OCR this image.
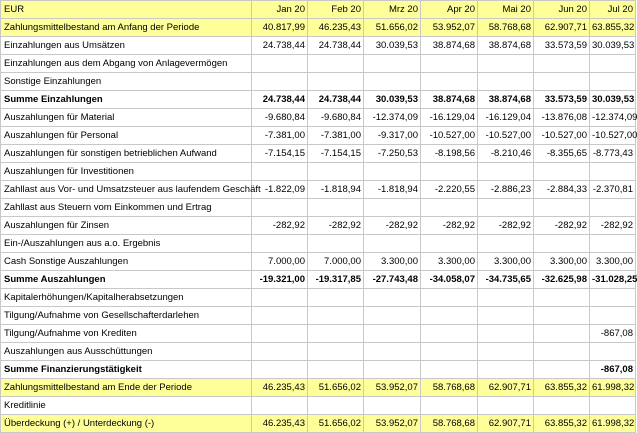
EUR	Jan 20	Feb 20	Mrz 20	Apr 20	Mai 20	Jun 20	Jul 20
Zahlungsmittelbestand am Anfang der Periode	40.817,99	46.235,43	51.656,02	53.952,07	58.768,68	62.907,71	63.855,32
Einzahlungen aus Umsätzen	24.738,44	24.738,44	30.039,53	38.874,68	38.874,68	33.573,59	30.039,53
Einzahlungen aus dem Abgang von Anlagevermögen							
Sonstige Einzahlungen							
Summe Einzahlungen	24.738,44	24.738,44	30.039,53	38.874,68	38.874,68	33.573,59	30.039,53
Auszahlungen für Material	-9.680,84	-9.680,84	-12.374,09	-16.129,04	-16.129,04	-13.876,08	-12.374,09
Auszahlungen für Personal	-7.381,00	-7.381,00	-9.317,00	-10.527,00	-10.527,00	-10.527,00	-10.527,00
Auszahlungen für sonstigen betrieblichen Aufwand	-7.154,15	-7.154,15	-7.250,53	-8.198,56	-8.210,46	-8.355,65	-8.773,43
Auszahlungen für Investitionen							
Zahllast aus Vor- und Umsatzsteuer aus laufendem Geschäft	-1.822,09	-1.818,94	-1.818,94	-2.220,55	-2.886,23	-2.884,33	-2.370,81
Zahllast aus Steuern vom Einkommen und Ertrag							
Auszahlungen für Zinsen	-282,92	-282,92	-282,92	-282,92	-282,92	-282,92	-282,92
Ein-/Auszahlungen aus a.o. Ergebnis							
Cash Sonstige Auszahlungen	7.000,00	7.000,00	3.300,00	3.300,00	3.300,00	3.300,00	3.300,00
Summe Auszahlungen	-19.321,00	-19.317,85	-27.743,48	-34.058,07	-34.735,65	-32.625,98	-31.028,25
Kapitalerhöhungen/Kapitalherabsetzungen							
Tilgung/Aufnahme von Gesellschafterdarlehen							
Tilgung/Aufnahme von Krediten							-867,08
Auszahlungen aus Ausschüttungen							
Summe Finanzierungstätigkeit							-867,08
Zahlungsmittelbestand am Ende der Periode	46.235,43	51.656,02	53.952,07	58.768,68	62.907,71	63.855,32	61.998,32
Kreditlinie							
Überdeckung (+) / Unterdeckung (-)	46.235,43	51.656,02	53.952,07	58.768,68	62.907,71	63.855,32	61.998,32
